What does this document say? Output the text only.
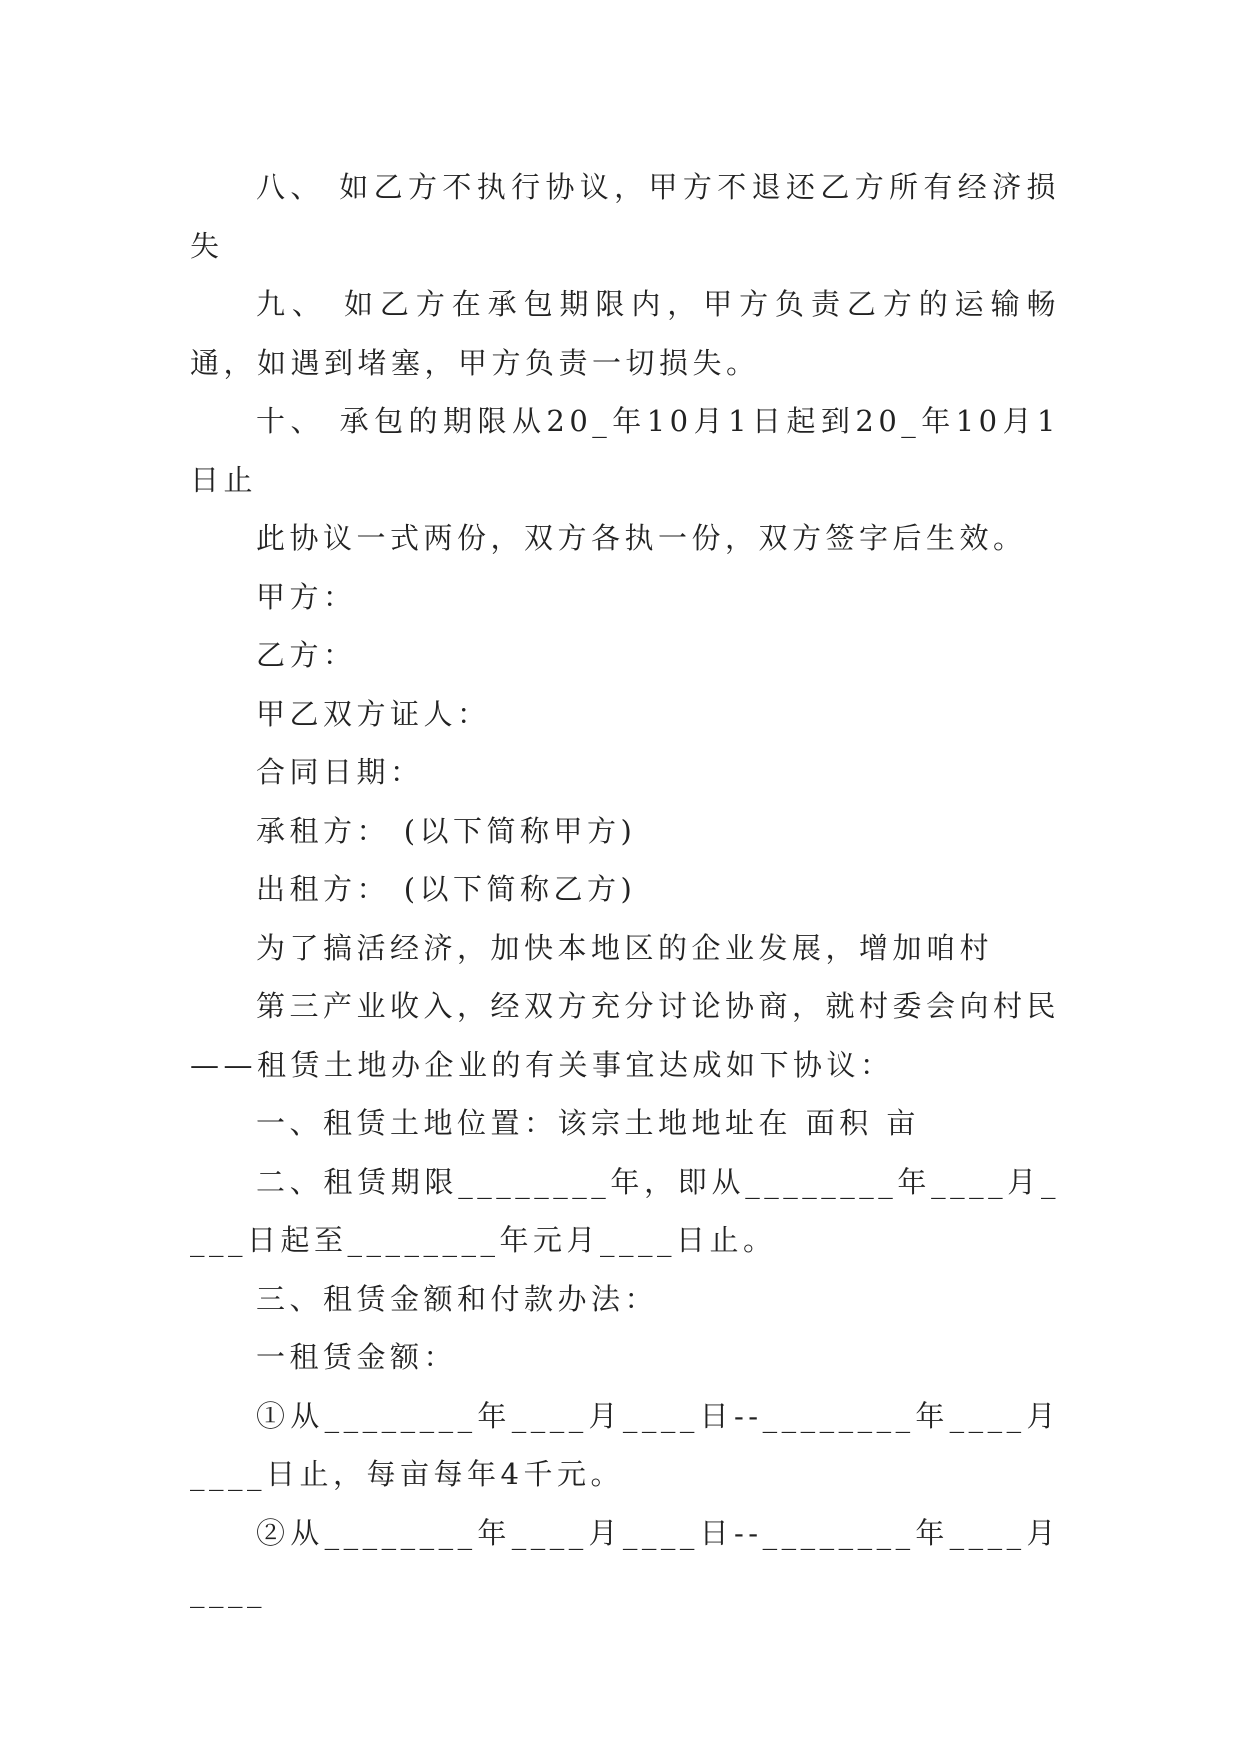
八、 如乙方不执行协议，甲方不退还乙方所有经济损失

九、 如乙方在承包期限内，甲方负责乙方的运输畅通，如遇到堵塞，甲方负责一切损失。

十、 承包的期限从20_年10月1日起到20_年10月1日止

此协议一式两份，双方各执一份，双方签字后生效。

甲方：

乙方：

甲乙双方证人：

合同日期：

承租方： (以下简称甲方)

出租方： (以下简称乙方)

为了搞活经济，加快本地区的企业发展，增加咱村

第三产业收入，经双方充分讨论协商，就村委会向村民——租赁土地办企业的有关事宜达成如下协议：

一、租赁土地位置：该宗土地地址在 面积 亩

二、租赁期限________年，即从________年____月____日起至________年元月____日止。

三、租赁金额和付款办法：

一租赁金额：

①从________年____月____日--________年____月____日止，每亩每年4千元。

②从________年____月____日--________年____月____
